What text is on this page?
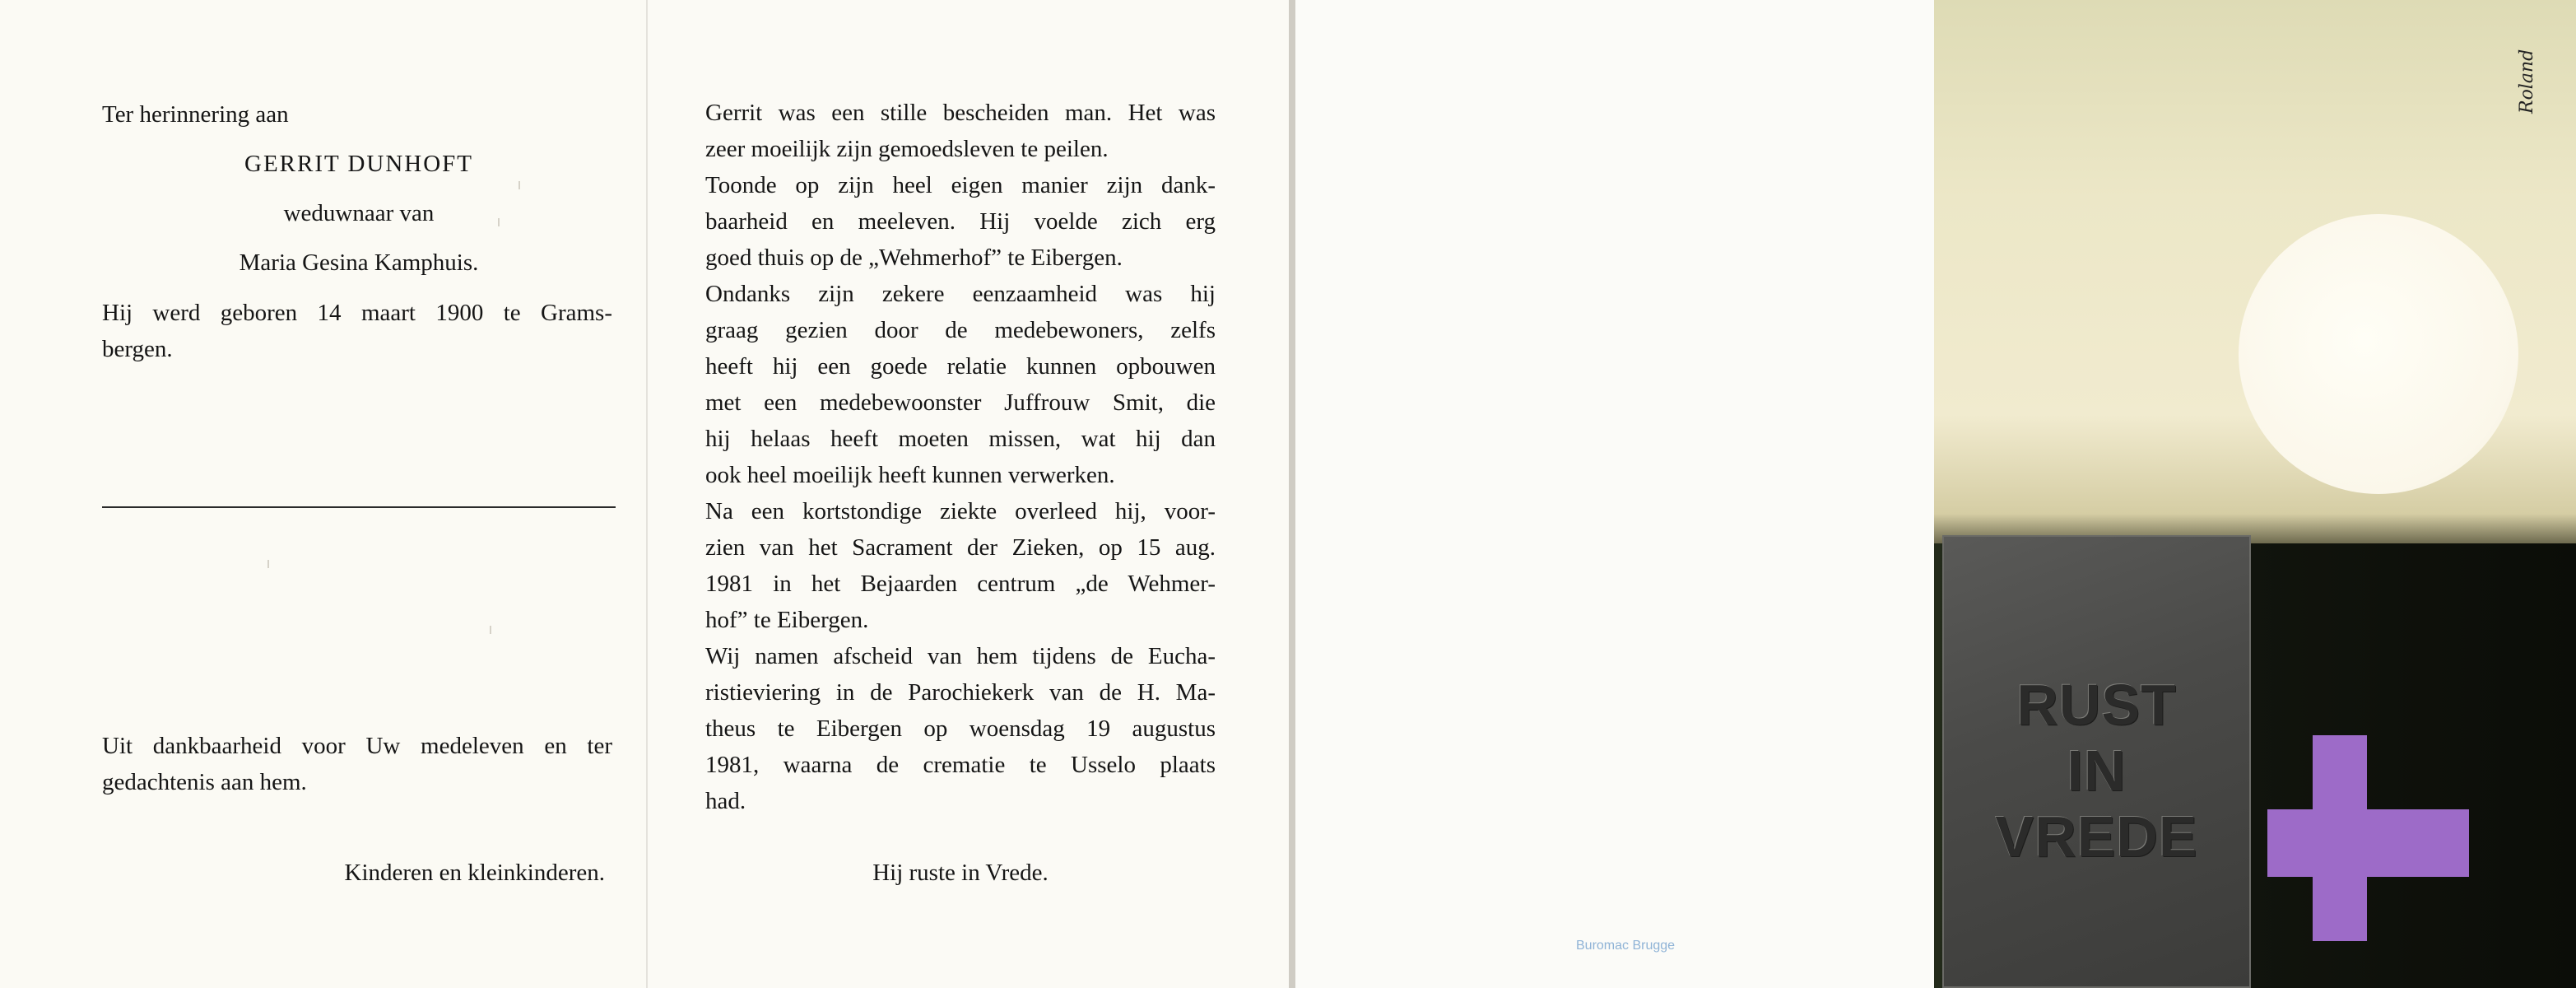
Ter herinnering aan
GERRIT DUNHOFT
weduwnaar van
Maria Gesina Kamphuis.
Hij werd geboren 14 maart 1900 te Grams-
bergen.
Uit dankbaarheid voor Uw medeleven en ter
gedachtenis aan hem.
Kinderen en kleinkinderen.
Gerrit was een stille bescheiden man. Het was
zeer moeilijk zijn gemoedsleven te peilen.
Toonde op zijn heel eigen manier zijn dank-
baarheid en meeleven. Hij voelde zich erg
goed thuis op de „Wehmerhof” te Eibergen.
Ondanks zijn zekere eenzaamheid was hij
graag gezien door de medebewoners, zelfs
heeft hij een goede relatie kunnen opbouwen
met een medebewoonster Juffrouw Smit, die
hij helaas heeft moeten missen, wat hij dan
ook heel moeilijk heeft kunnen verwerken.
Na een kortstondige ziekte overleed hij, voor-
zien van het Sacrament der Zieken, op 15 aug.
1981 in het Bejaarden centrum „de Wehmer-
hof” te Eibergen.
Wij namen afscheid van hem tijdens de Eucha-
ristieviering in de Parochiekerk van de H. Ma-
theus te Eibergen op woensdag 19 augustus
1981, waarna de crematie te Usselo plaats
had.
Hij ruste in Vrede.
Buromac Brugge
RUST
IN
VREDE
Roland
